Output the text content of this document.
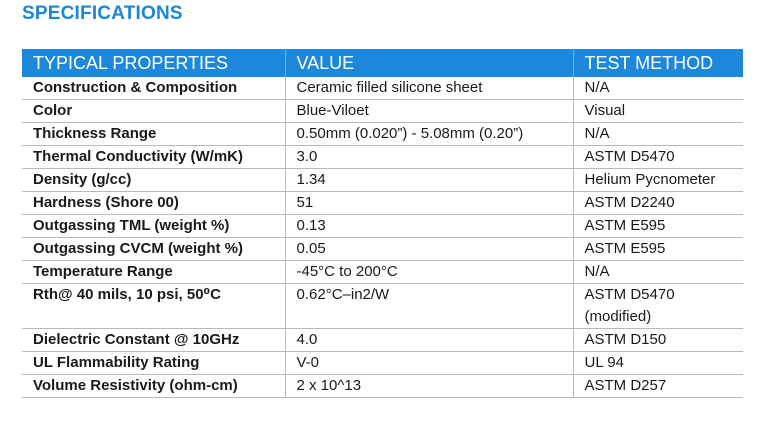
SPECIFICATIONS
TYPICAL PROPERTIES	VALUE	TEST METHOD
Construction & Composition	Ceramic filled silicone sheet	N/A
Color	Blue-Viloet	Visual
Thickness Range	0.50mm (0.020”) - 5.08mm (0.20”)	N/A
Thermal Conductivity (W/mK)	3.0	ASTM D5470
Density (g/cc)	1.34	Helium Pycnometer
Hardness (Shore 00)	51	ASTM D2240
Outgassing TML (weight %)	0.13	ASTM E595
Outgassing CVCM (weight %)	0.05	ASTM E595
Temperature Range	-45°C to 200°C	N/A
Rth@ 40 mils, 10 psi, 50⁰C	0.62°C–in2/W	ASTM D5470
(modified)

Dielectric Constant @ 10GHz	4.0	ASTM D150
UL Flammability Rating	V-0	UL 94
Volume Resistivity (ohm-cm)	2 x 10^13	ASTM D257
